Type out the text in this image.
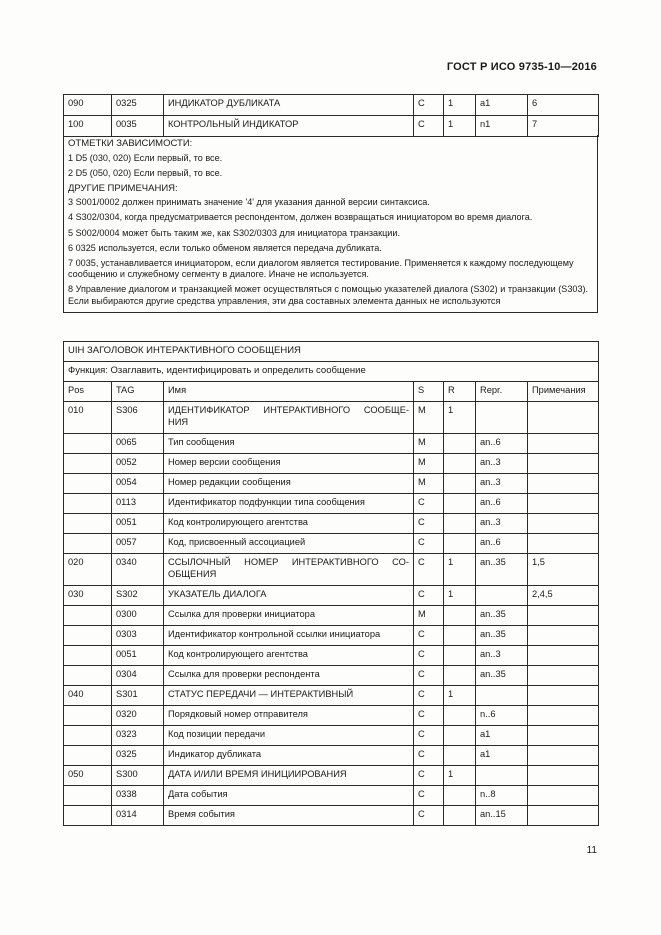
ГОСТ Р ИСО 9735-10—2016
090	0325	ИНДИКАТОР ДУБЛИКАТА	C	1	a1	6
100	0035	КОНТРОЛЬНЫЙ ИНДИКАТОР	C	1	n1	7

ОТМЕТКИ ЗАВИСИМОСТИ:

1 D5 (030, 020) Если первый, то все.

2 D5 (050, 020) Если первый, то все.

ДРУГИЕ ПРИМЕЧАНИЯ:

3 S001/0002 должен принимать значение '4' для указания данной версии синтаксиса.

4 S302/0304, когда предусматривается респондентом, должен возвращаться инициатором во время диалога.

5 S002/0004 может быть таким же, как S302/0303 для инициатора транзакции.

6 0325 используется, если только обменом является передача дубликата.

7 0035, устанавливается инициатором, если диалогом является тестирование. Применяется к каждому последующему сообщению и служебному сегменту в диалоге. Иначе не используется.

8 Управление диалогом и транзакцией может осуществляться с помощью указателей диалога (S302) и транзакции (S303). Если выбираются другие средства управления, эти два составных элемента данных не используются

UIH ЗАГОЛОВОК ИНТЕРАКТИВНОГО СООБЩЕНИЯ						
Функция: Озаглавить, идентифицировать и определить сообщение						
Pos	TAG	Имя	S	R	Repr.	Примечания
010	S306	ИДЕНТИФИКАТОР ИНТЕРАКТИВНОГО СООБЩЕ-
НИЯ	M	1		
	0065	Тип сообщения	M		an..6	
	0052	Номер версии сообщения	M		an..3	
	0054	Номер редакции сообщения	M		an..3	
	0113	Идентификатор подфункции типа сообщения	C		an..6	
	0051	Код контролирующего агентства	C		an..3	
	0057	Код, присвоенный ассоциацией	C		an..6	
020	0340	ССЫЛОЧНЫЙ НОМЕР ИНТЕРАКТИВНОГО СО-
ОБЩЕНИЯ	C	1	an..35	1,5
030	S302	УКАЗАТЕЛЬ ДИАЛОГА	C	1		2,4,5
	0300	Ссылка для проверки инициатора	M		an..35	
	0303	Идентификатор контрольной ссылки инициатора	C		an..35	
	0051	Код контролирующего агентства	C		an..3	
	0304	Ссылка для проверки респондента	C		an..35	
040	S301	СТАТУС ПЕРЕДАЧИ — ИНТЕРАКТИВНЫЙ	C	1		
	0320	Порядковый номер отправителя	C		n..6	
	0323	Код позиции передачи	C		a1	
	0325	Индикатор дубликата	C		a1	
050	S300	ДАТА И/ИЛИ ВРЕМЯ ИНИЦИИРОВАНИЯ	C	1		
	0338	Дата события	C		n..8	
	0314	Время события	C		an..15	
11
